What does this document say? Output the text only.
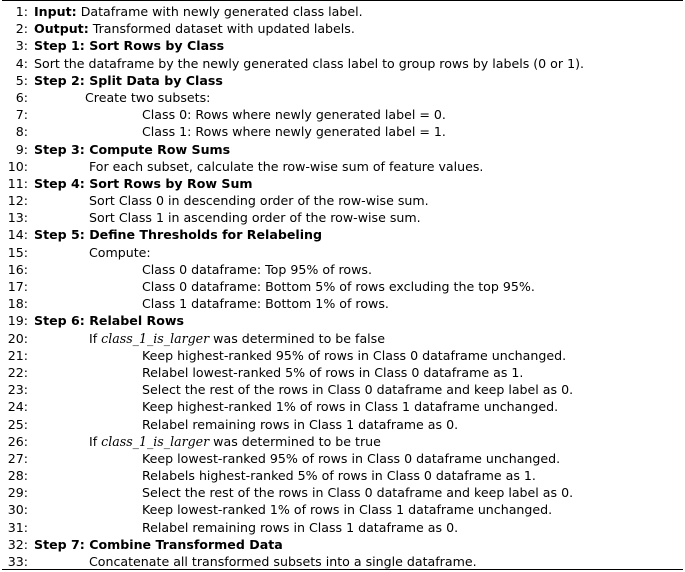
1: Input: Dataframe with newly generated class label.
2: Output: Transformed dataset with updated labels.
3: Step 1: Sort Rows by Class
4: Sort the dataframe by the newly generated class label to group rows by labels (0 or 1).
5: Step 2: Split Data by Class
6:	Create two subsets:
7:	Class 0: Rows where newly generated label = 0.
8:	Class 1: Rows where newly generated label = 1.
9: Step 3: Compute Row Sums
10:	For each subset, calculate the row-wise sum of feature values.
11: Step 4: Sort Rows by Row Sum
12:	Sort Class 0 in descending order of the row-wise sum.
13:	Sort Class 1 in ascending order of the row-wise sum.
14: Step 5: Define Thresholds for Relabeling
15:	Compute:
16:	Class 0 dataframe: Top 95% of rows.
17:	Class 0 dataframe: Bottom 5% of rows excluding the top 95%.
18:	Class 1 dataframe: Bottom 1% of rows.
19: Step 6: Relabel Rows
20:	If class_1_is_larger was determined to be false
21:	Keep highest-ranked 95% of rows in Class 0 dataframe unchanged.
22:	Relabel lowest-ranked 5% of rows in Class 0 dataframe as 1.
23:	Select the rest of the rows in Class 0 dataframe and keep label as 0.
24:	Keep highest-ranked 1% of rows in Class 1 dataframe unchanged.
25:	Relabel remaining rows in Class 1 dataframe as 0.
26:	If class_1_is_larger was determined to be true
27:	Keep lowest-ranked 95% of rows in Class 0 dataframe unchanged.
28:	Relabels highest-ranked 5% of rows in Class 0 dataframe as 1.
29:	Select the rest of the rows in Class 0 dataframe and keep label as 0.
30:	Keep lowest-ranked 1% of rows in Class 1 dataframe unchanged.
31:	Relabel remaining rows in Class 1 dataframe as 0.
32: Step 7: Combine Transformed Data
33:	Concatenate all transformed subsets into a single dataframe.
